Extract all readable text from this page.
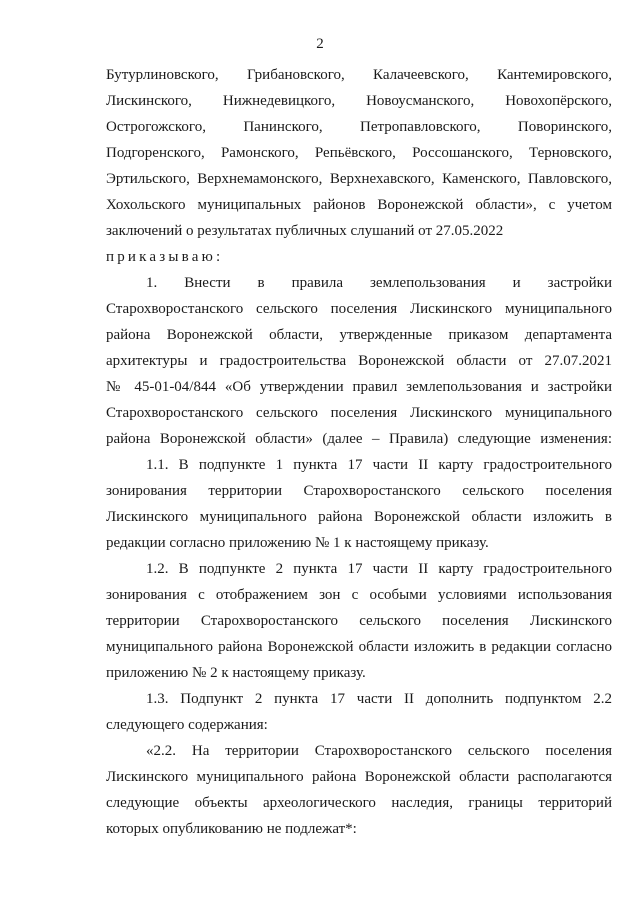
2

Бутурлиновского, Грибановского, Калачеевского, Кантемировского,
Лискинского, Нижнедевицкого, Новоусманского, Новохопёрского,
Острогожского, Панинского, Петропавловского, Поворинского,
Подгоренского, Рамонского, Репьёвского, Россошанского, Терновского,
Эртильского, Верхнемамонского, Верхнехавского, Каменского, Павловского,
Хохольского муниципальных районов Воронежской области», с учетом
заключений о результатах публичных слушаний от 27.05.2022

приказываю:

1. Внести в правила землепользования и застройки
Старохворостанского сельского поселения Лискинского муниципального
района Воронежской области, утвержденные приказом департамента
архитектуры и градостроительства Воронежской области от 27.07.2021
№ 45-01-04/844 «Об утверждении правил землепользования и застройки
Старохворостанского сельского поселения Лискинского муниципального
района Воронежской области» (далее – Правила) следующие изменения:

1.1. В подпункте 1 пункта 17 части II карту градостроительного
зонирования территории Старохворостанского сельского поселения
Лискинского муниципального района Воронежской области изложить в
редакции согласно приложению № 1 к настоящему приказу.

1.2. В подпункте 2 пункта 17 части II карту градостроительного
зонирования с отображением зон с особыми условиями использования
территории Старохворостанского сельского поселения Лискинского
муниципального района Воронежской области изложить в редакции согласно
приложению № 2 к настоящему приказу.

1.3. Подпункт 2 пункта 17 части II дополнить подпунктом 2.2
следующего содержания:

«2.2. На территории Старохворостанского сельского поселения
Лискинского муниципального района Воронежской области располагаются
следующие объекты археологического наследия, границы территорий
которых опубликованию не подлежат*:
